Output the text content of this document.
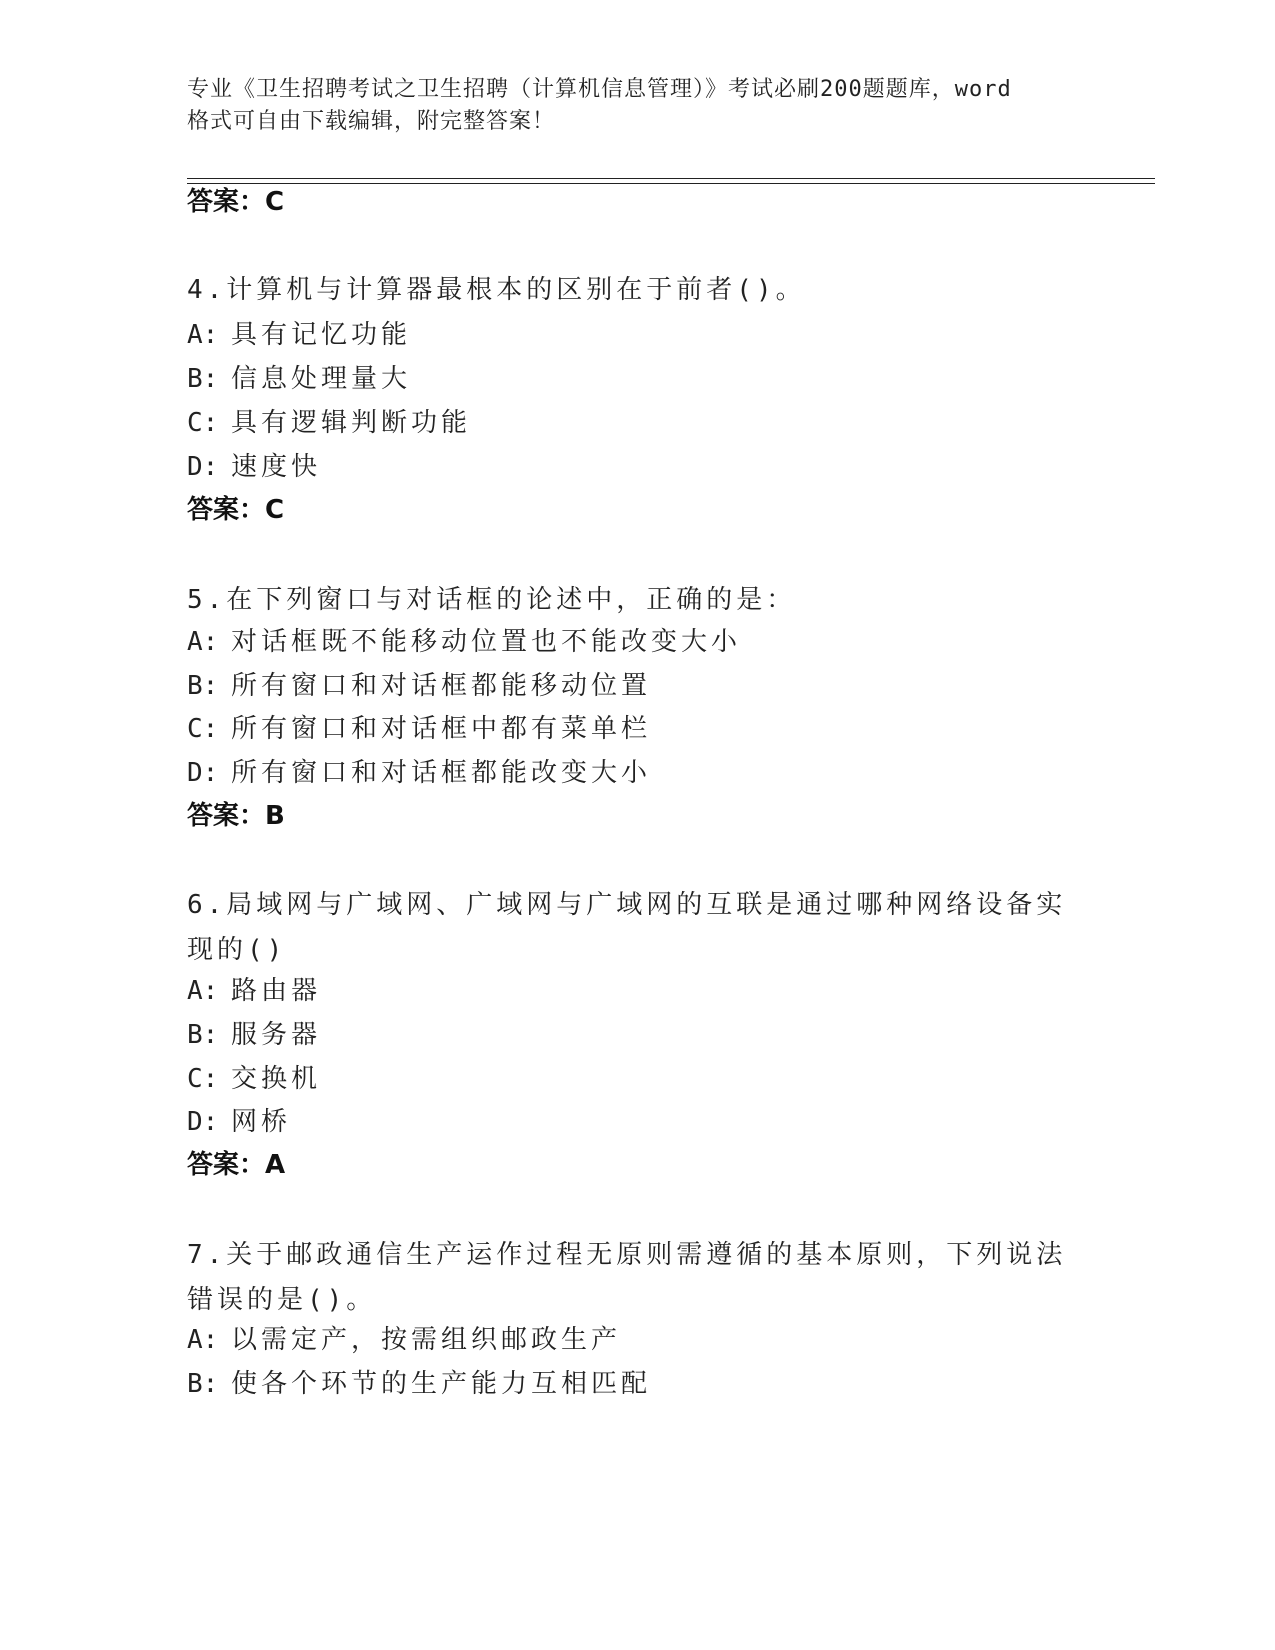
专业《卫生招聘考试之卫生招聘（计算机信息管理）》考试必刷200题题库，word
格式可自由下载编辑，附完整答案！
答案：C
4.计算机与计算器最根本的区别在于前者()。
A: 具有记忆功能
B: 信息处理量大
C: 具有逻辑判断功能
D: 速度快
答案：C
5.在下列窗口与对话框的论述中，正确的是：
A: 对话框既不能移动位置也不能改变大小
B: 所有窗口和对话框都能移动位置
C: 所有窗口和对话框中都有菜单栏
D: 所有窗口和对话框都能改变大小
答案：B
6.局域网与广域网、广域网与广域网的互联是通过哪种网络设备实现的()
A: 路由器
B: 服务器
C: 交换机
D: 网桥
答案：A
7.关于邮政通信生产运作过程无原则需遵循的基本原则，下列说法错误的是()。
A: 以需定产，按需组织邮政生产
B: 使各个环节的生产能力互相匹配
